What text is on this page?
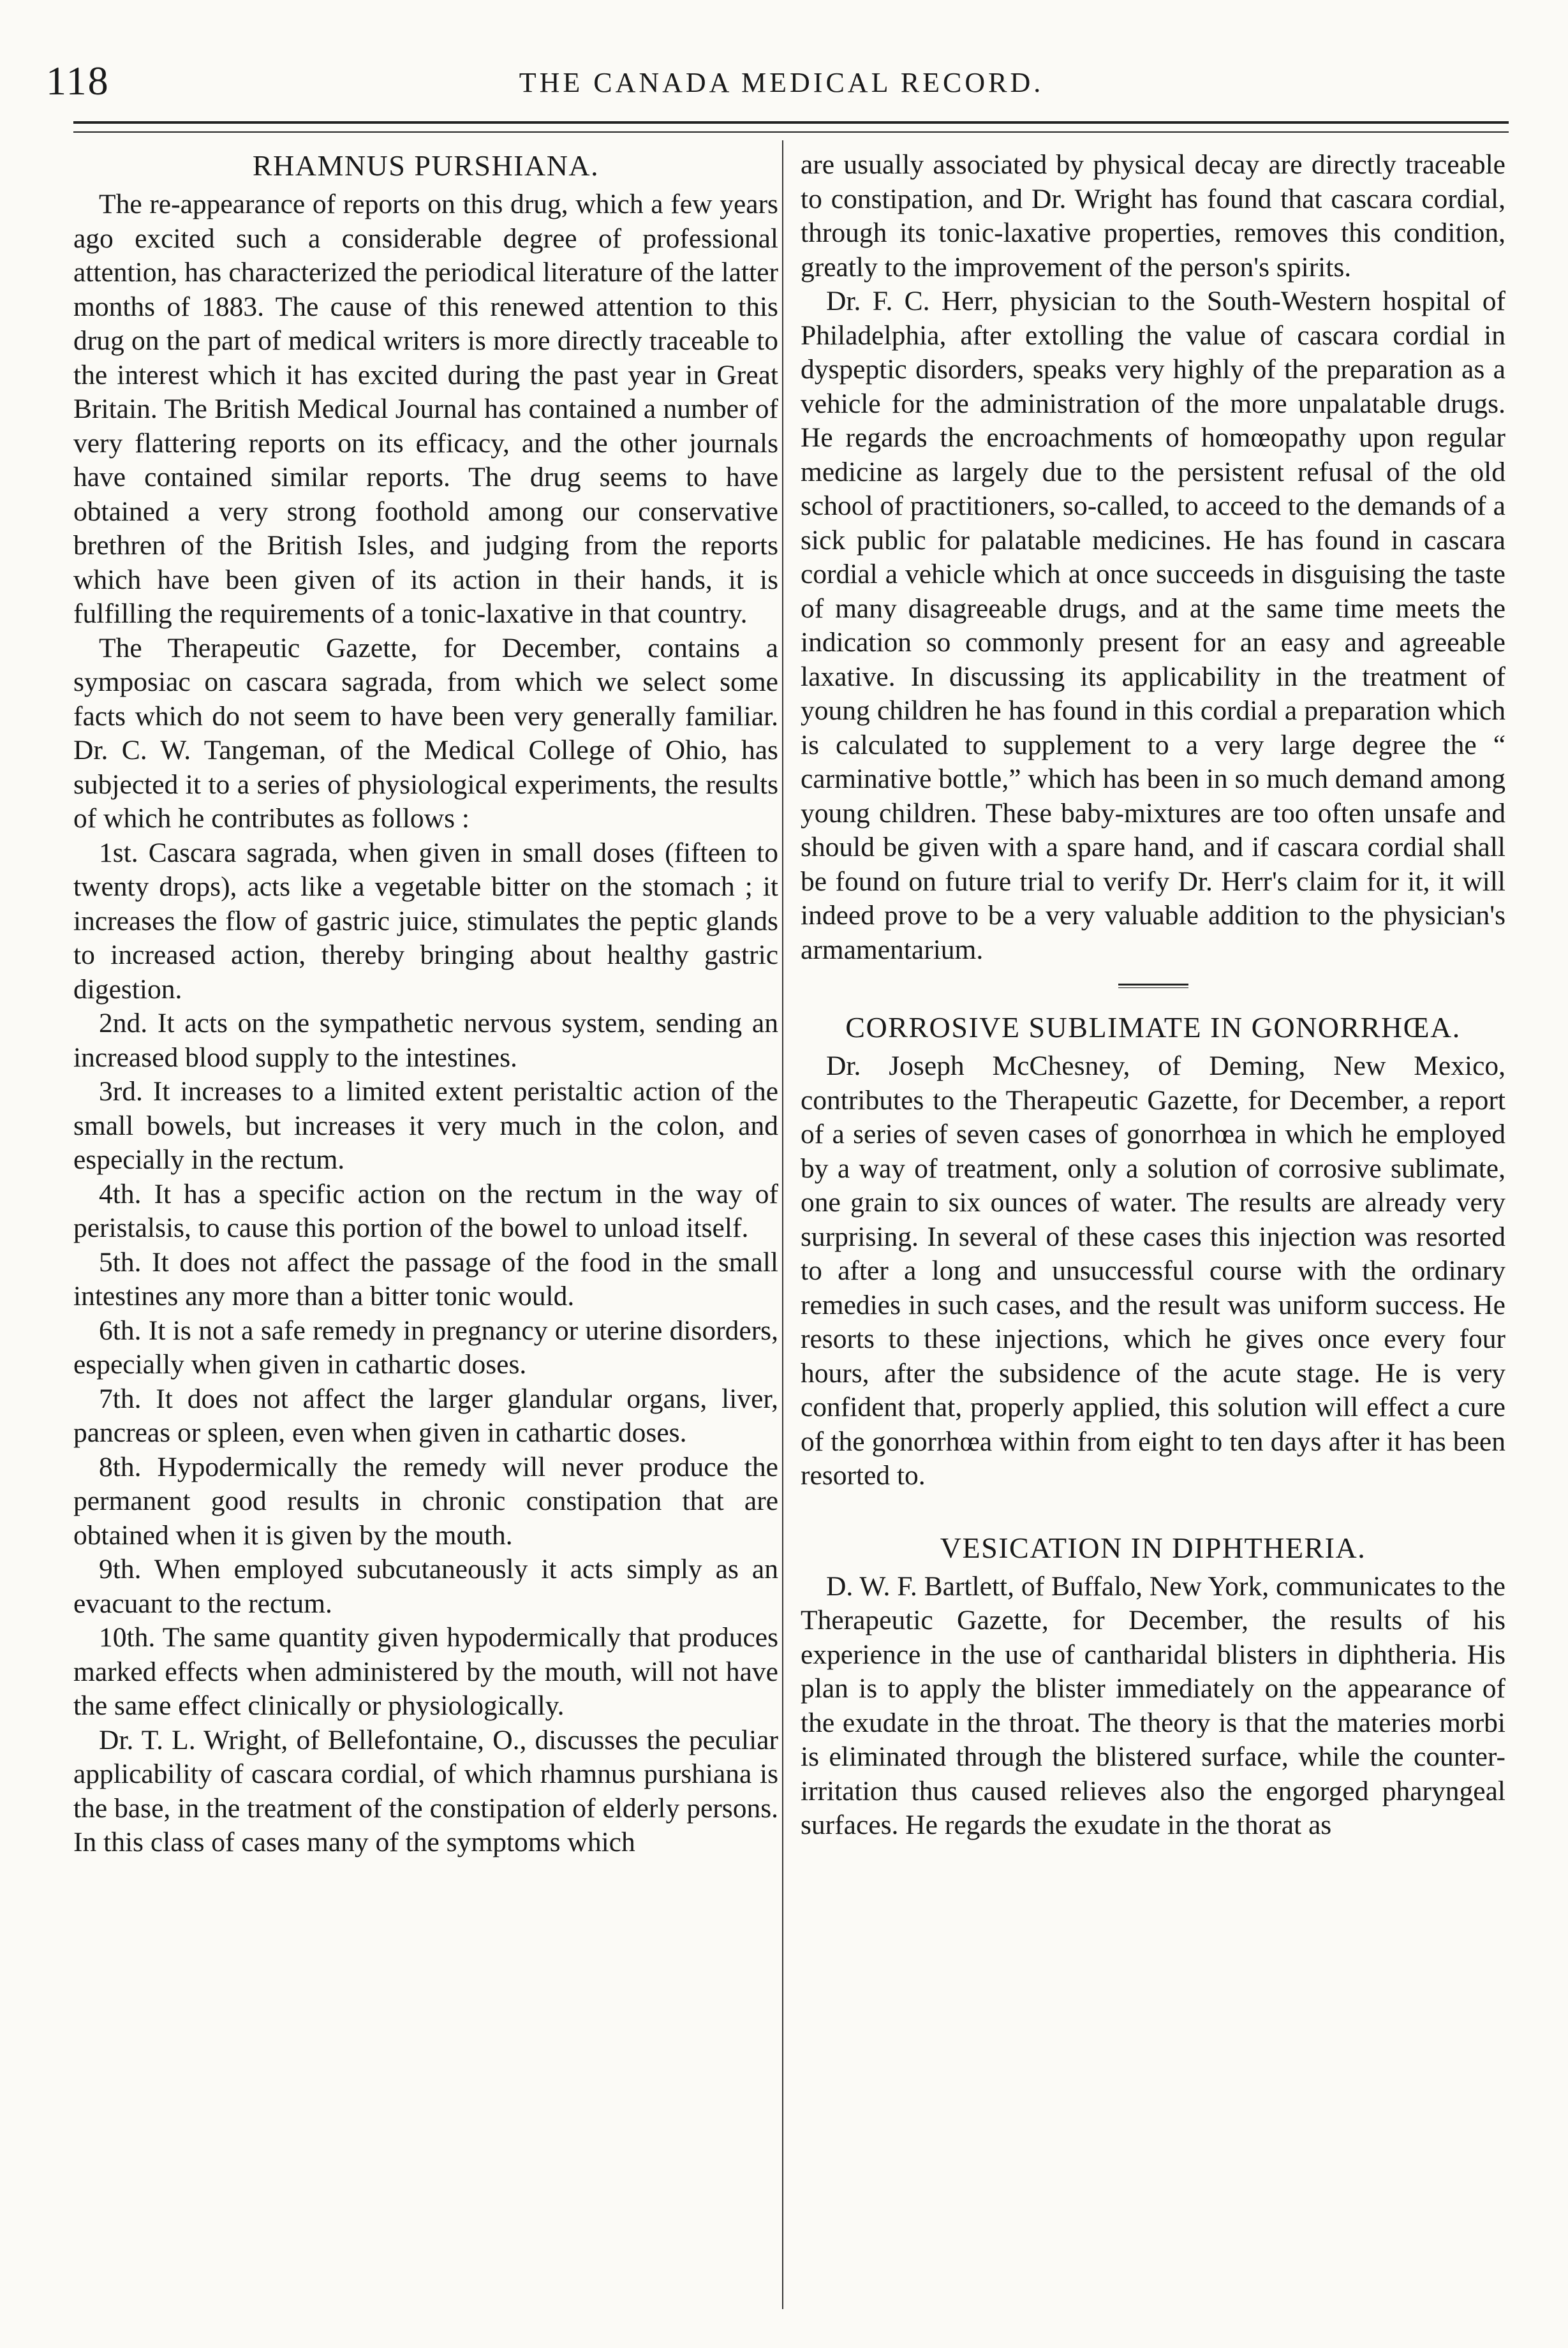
118	THE CANADA MEDICAL RECORD.
RHAMNUS PURSHIANA.

The re-appearance of reports on this drug, which a few years ago excited such a considerable degree of professional attention, has characterized the periodical literature of the latter months of 1883. The cause of this renewed attention to this drug on the part of medical writers is more directly traceable to the interest which it has excited during the past year in Great Britain. The British Medical Journal has contained a number of very flattering reports on its efficacy, and the other journals have contained similar reports. The drug seems to have obtained a very strong foothold among our conservative brethren of the British Isles, and judging from the reports which have been given of its action in their hands, it is fulfilling the requirements of a tonic-laxative in that country.

The Therapeutic Gazette, for December, contains a symposiac on cascara sagrada, from which we select some facts which do not seem to have been very generally familiar. Dr. C. W. Tangeman, of the Medical College of Ohio, has subjected it to a series of physiological experiments, the results of which he contributes as follows :

1st. Cascara sagrada, when given in small doses (fifteen to twenty drops), acts like a vegetable bitter on the stomach ; it increases the flow of gastric juice, stimulates the peptic glands to increased action, thereby bringing about healthy gastric digestion.

2nd. It acts on the sympathetic nervous system, sending an increased blood supply to the intestines.

3rd. It increases to a limited extent peristaltic action of the small bowels, but increases it very much in the colon, and especially in the rectum.

4th. It has a specific action on the rectum in the way of peristalsis, to cause this portion of the bowel to unload itself.

5th. It does not affect the passage of the food in the small intestines any more than a bitter tonic would.

6th. It is not a safe remedy in pregnancy or uterine disorders, especially when given in cathartic doses.

7th. It does not affect the larger glandular organs, liver, pancreas or spleen, even when given in cathartic doses.

8th. Hypodermically the remedy will never produce the permanent good results in chronic constipation that are obtained when it is given by the mouth.

9th. When employed subcutaneously it acts simply as an evacuant to the rectum.

10th. The same quantity given hypodermically that produces marked effects when administered by the mouth, will not have the same effect clinically or physiologically.

Dr. T. L. Wright, of Bellefontaine, O., discusses the peculiar applicability of cascara cordial, of which rhamnus purshiana is the base, in the treatment of the constipation of elderly persons. In this class of cases many of the symptoms which

are usually associated by physical decay are directly traceable to constipation, and Dr. Wright has found that cascara cordial, through its tonic-laxative properties, removes this condition, greatly to the improvement of the person's spirits.

Dr. F. C. Herr, physician to the South-Western hospital of Philadelphia, after extolling the value of cascara cordial in dyspeptic disorders, speaks very highly of the preparation as a vehicle for the administration of the more unpalatable drugs. He regards the encroachments of homœopathy upon regular medicine as largely due to the persistent refusal of the old school of practitioners, so-called, to acceed to the demands of a sick public for palatable medicines. He has found in cascara cordial a vehicle which at once succeeds in disguising the taste of many disagreeable drugs, and at the same time meets the indication so commonly present for an easy and agreeable laxative. In discussing its applicability in the treatment of young children he has found in this cordial a preparation which is calculated to supplement to a very large degree the “ carminative bottle,” which has been in so much demand among young children. These baby-mixtures are too often unsafe and should be given with a spare hand, and if cascara cordial shall be found on future trial to verify Dr. Herr's claim for it, it will indeed prove to be a very valuable addition to the physician's armamentarium.

CORROSIVE SUBLIMATE IN GONORRHŒA.

Dr. Joseph McChesney, of Deming, New Mexico, contributes to the Therapeutic Gazette, for December, a report of a series of seven cases of gonorrhœa in which he employed by a way of treatment, only a solution of corrosive sublimate, one grain to six ounces of water. The results are already very surprising. In several of these cases this injection was resorted to after a long and unsuccessful course with the ordinary remedies in such cases, and the result was uniform success. He resorts to these injections, which he gives once every four hours, after the subsidence of the acute stage. He is very confident that, properly applied, this solution will effect a cure of the gonorrhœa within from eight to ten days after it has been resorted to.

VESICATION IN DIPHTHERIA.

D. W. F. Bartlett, of Buffalo, New York, communicates to the Therapeutic Gazette, for December, the results of his experience in the use of cantharidal blisters in diphtheria. His plan is to apply the blister immediately on the appearance of the exudate in the throat. The theory is that the materies morbi is eliminated through the blistered surface, while the counter-irritation thus caused relieves also the engorged pharyngeal surfaces. He regards the exudate in the thorat as
